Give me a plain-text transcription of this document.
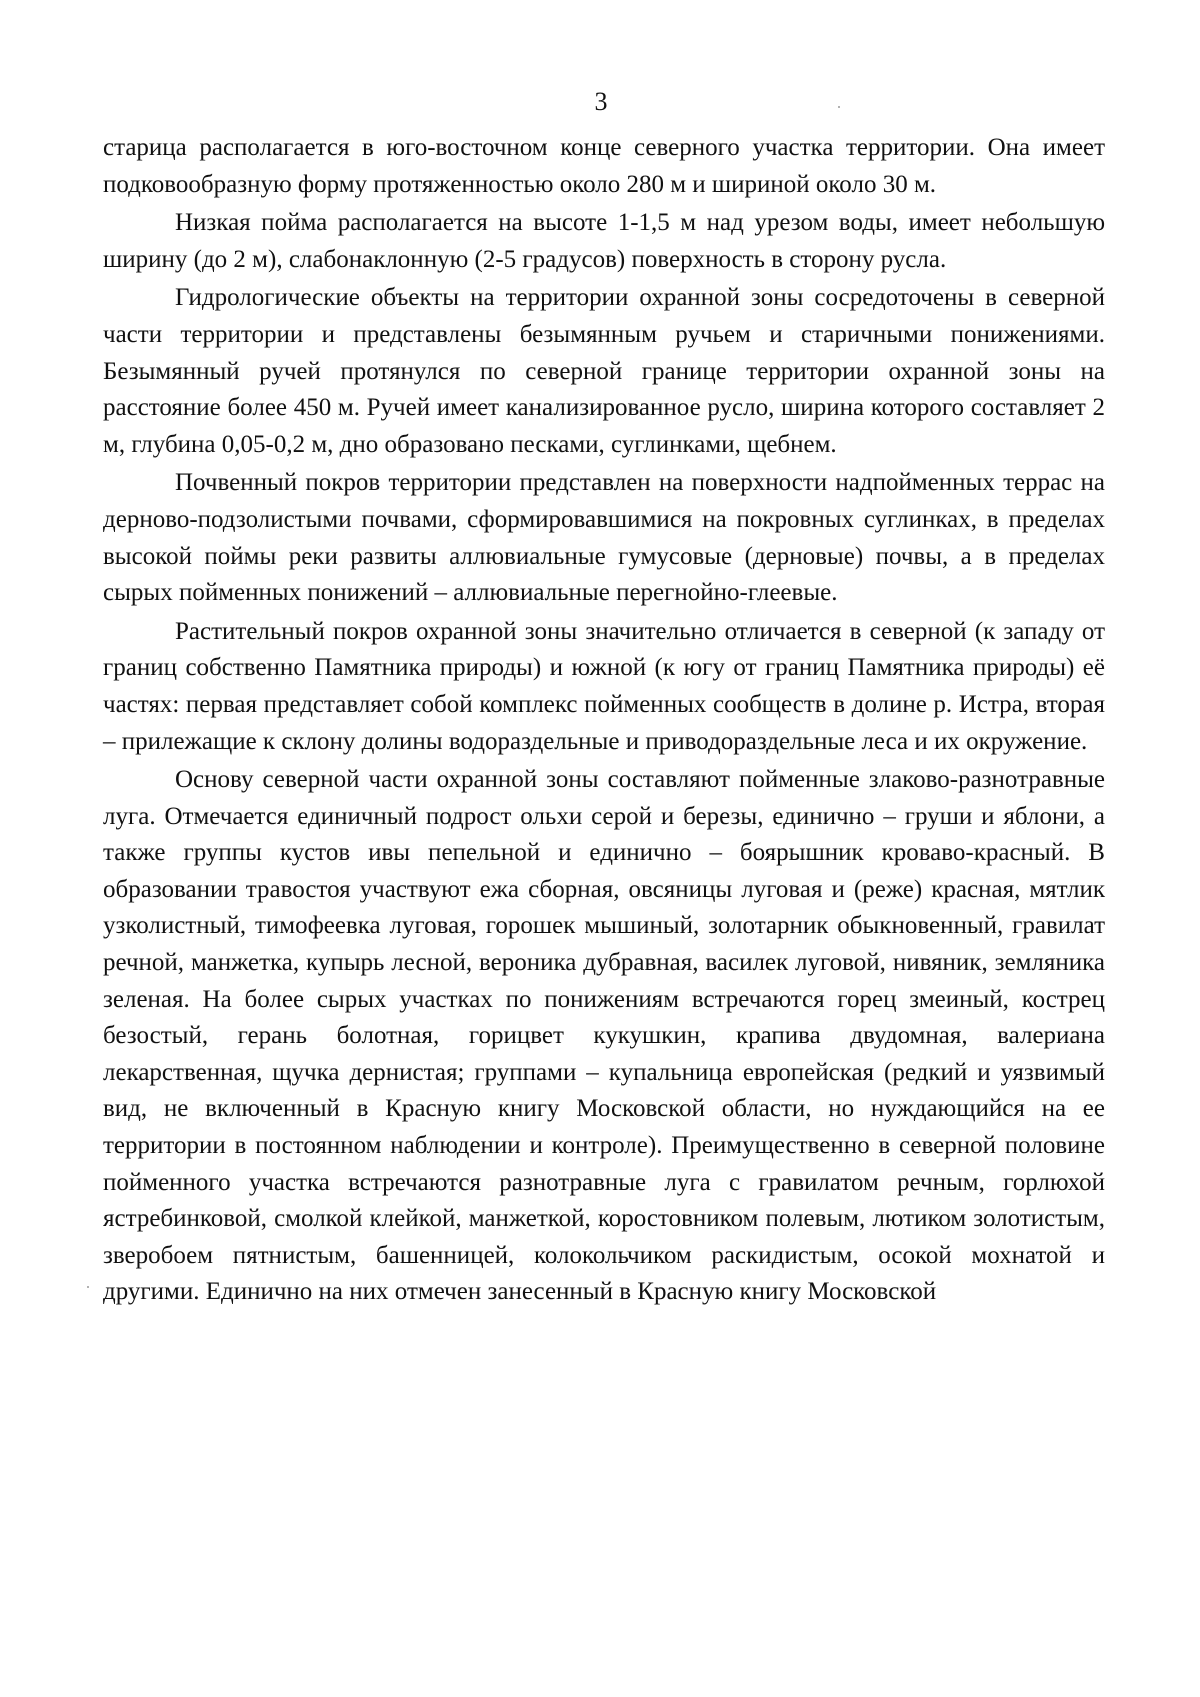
3

старица располагается в юго-восточном конце северного участка территории. Она имеет подковообразную форму протяженностью около 280 м и шириной около 30 м.

Низкая пойма располагается на высоте 1-1,5 м над урезом воды, имеет небольшую ширину (до 2 м), слабонаклонную (2-5 градусов) поверхность в сторону русла.

Гидрологические объекты на территории охранной зоны сосредоточены в северной части территории и представлены безымянным ручьем и старичными понижениями. Безымянный ручей протянулся по северной границе территории охранной зоны на расстояние более 450 м. Ручей имеет канализированное русло, ширина которого составляет 2 м, глубина 0,05-0,2 м, дно образовано песками, суглинками, щебнем.

Почвенный покров территории представлен на поверхности надпойменных террас на дерново-подзолистыми почвами, сформировавшимися на покровных суглинках, в пределах высокой поймы реки развиты аллювиальные гумусовые (дерновые) почвы, а в пределах сырых пойменных понижений – аллювиальные перегнойно-глеевые.

Растительный покров охранной зоны значительно отличается в северной (к западу от границ собственно Памятника природы) и южной (к югу от границ Памятника природы) её частях: первая представляет собой комплекс пойменных сообществ в долине р. Истра, вторая – прилежащие к склону долины водораздельные и приводораздельные леса и их окружение.

Основу северной части охранной зоны составляют пойменные злаково-разнотравные луга. Отмечается единичный подрост ольхи серой и березы, единично – груши и яблони, а также группы кустов ивы пепельной и единично – боярышник кроваво-красный. В образовании травостоя участвуют ежа сборная, овсяницы луговая и (реже) красная, мятлик узколистный, тимофеевка луговая, горошек мышиный, золотарник обыкновенный, гравилат речной, манжетка, купырь лесной, вероника дубравная, василек луговой, нивяник, земляника зеленая. На более сырых участках по понижениям встречаются горец змеиный, кострец безостый, герань болотная, горицвет кукушкин, крапива двудомная, валериана лекарственная, щучка дернистая; группами – купальница европейская (редкий и уязвимый вид, не включенный в Красную книгу Московской области, но нуждающийся на ее территории в постоянном наблюдении и контроле). Преимущественно в северной половине пойменного участка встречаются разнотравные луга с гравилатом речным, горлюхой ястребинковой, смолкой клейкой, манжеткой, коростовником полевым, лютиком золотистым, зверобоем пятнистым, башенницей, колокольчиком раскидистым, осокой мохнатой и другими. Единично на них отмечен занесенный в Красную книгу Московской
